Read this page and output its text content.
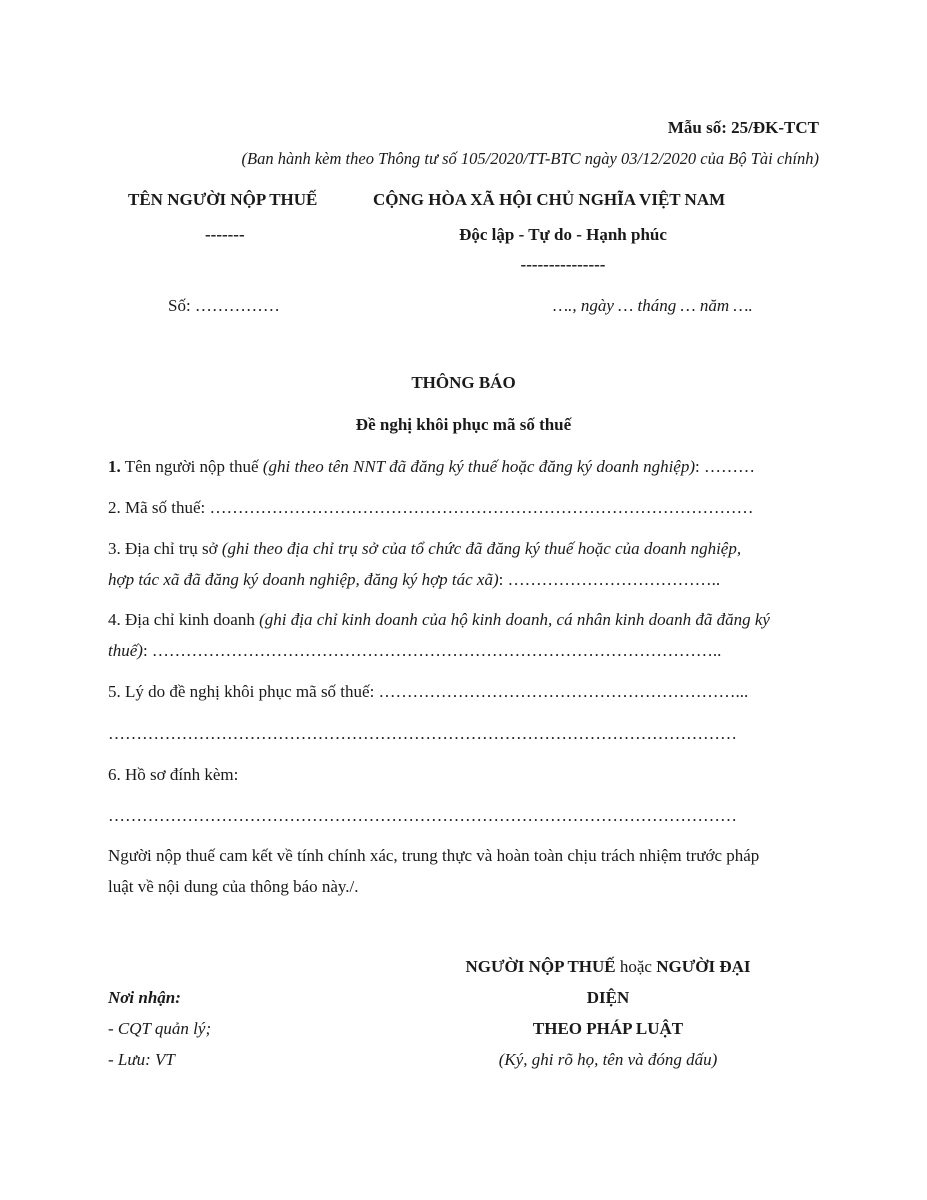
Mẫu số: 25/ĐK-TCT
(Ban hành kèm theo Thông tư số 105/2020/TT-BTC ngày 03/12/2020 của Bộ Tài chính)
TÊN NGƯỜI NỘP THUẾ
-------
CỘNG HÒA XÃ HỘI CHỦ NGHĨA VIỆT NAM
Độc lập - Tự do - Hạnh phúc
---------------
Số: ……………	…., ngày … tháng … năm ….
THÔNG BÁO
Đề nghị khôi phục mã số thuế
1. Tên người nộp thuế (ghi theo tên NNT đã đăng ký thuế hoặc đăng ký doanh nghiệp): ………
2. Mã số thuế: ……………………………………………………………………………………
3. Địa chỉ trụ sở (ghi theo địa chỉ trụ sở của tổ chức đã đăng ký thuế hoặc của doanh nghiệp,
hợp tác xã đã đăng ký doanh nghiệp, đăng ký hợp tác xã): ………………………………..
4. Địa chỉ kinh doanh (ghi địa chỉ kinh doanh của hộ kinh doanh, cá nhân kinh doanh đã đăng ký
thuế): ………………………………………………………………………………………..
5. Lý do đề nghị khôi phục mã số thuế: ………………………………………………………...
…………………………………………………………………………………………………
6. Hồ sơ đính kèm:
…………………………………………………………………………………………………
Người nộp thuế cam kết về tính chính xác, trung thực và hoàn toàn chịu trách nhiệm trước pháp
luật về nội dung của thông báo này./.
NGƯỜI NỘP THUẾ hoặc NGƯỜI ĐẠI
DIỆN
THEO PHÁP LUẬT
(Ký, ghi rõ họ, tên và đóng dấu)
Nơi nhận:
- CQT quản lý;
- Lưu: VT
